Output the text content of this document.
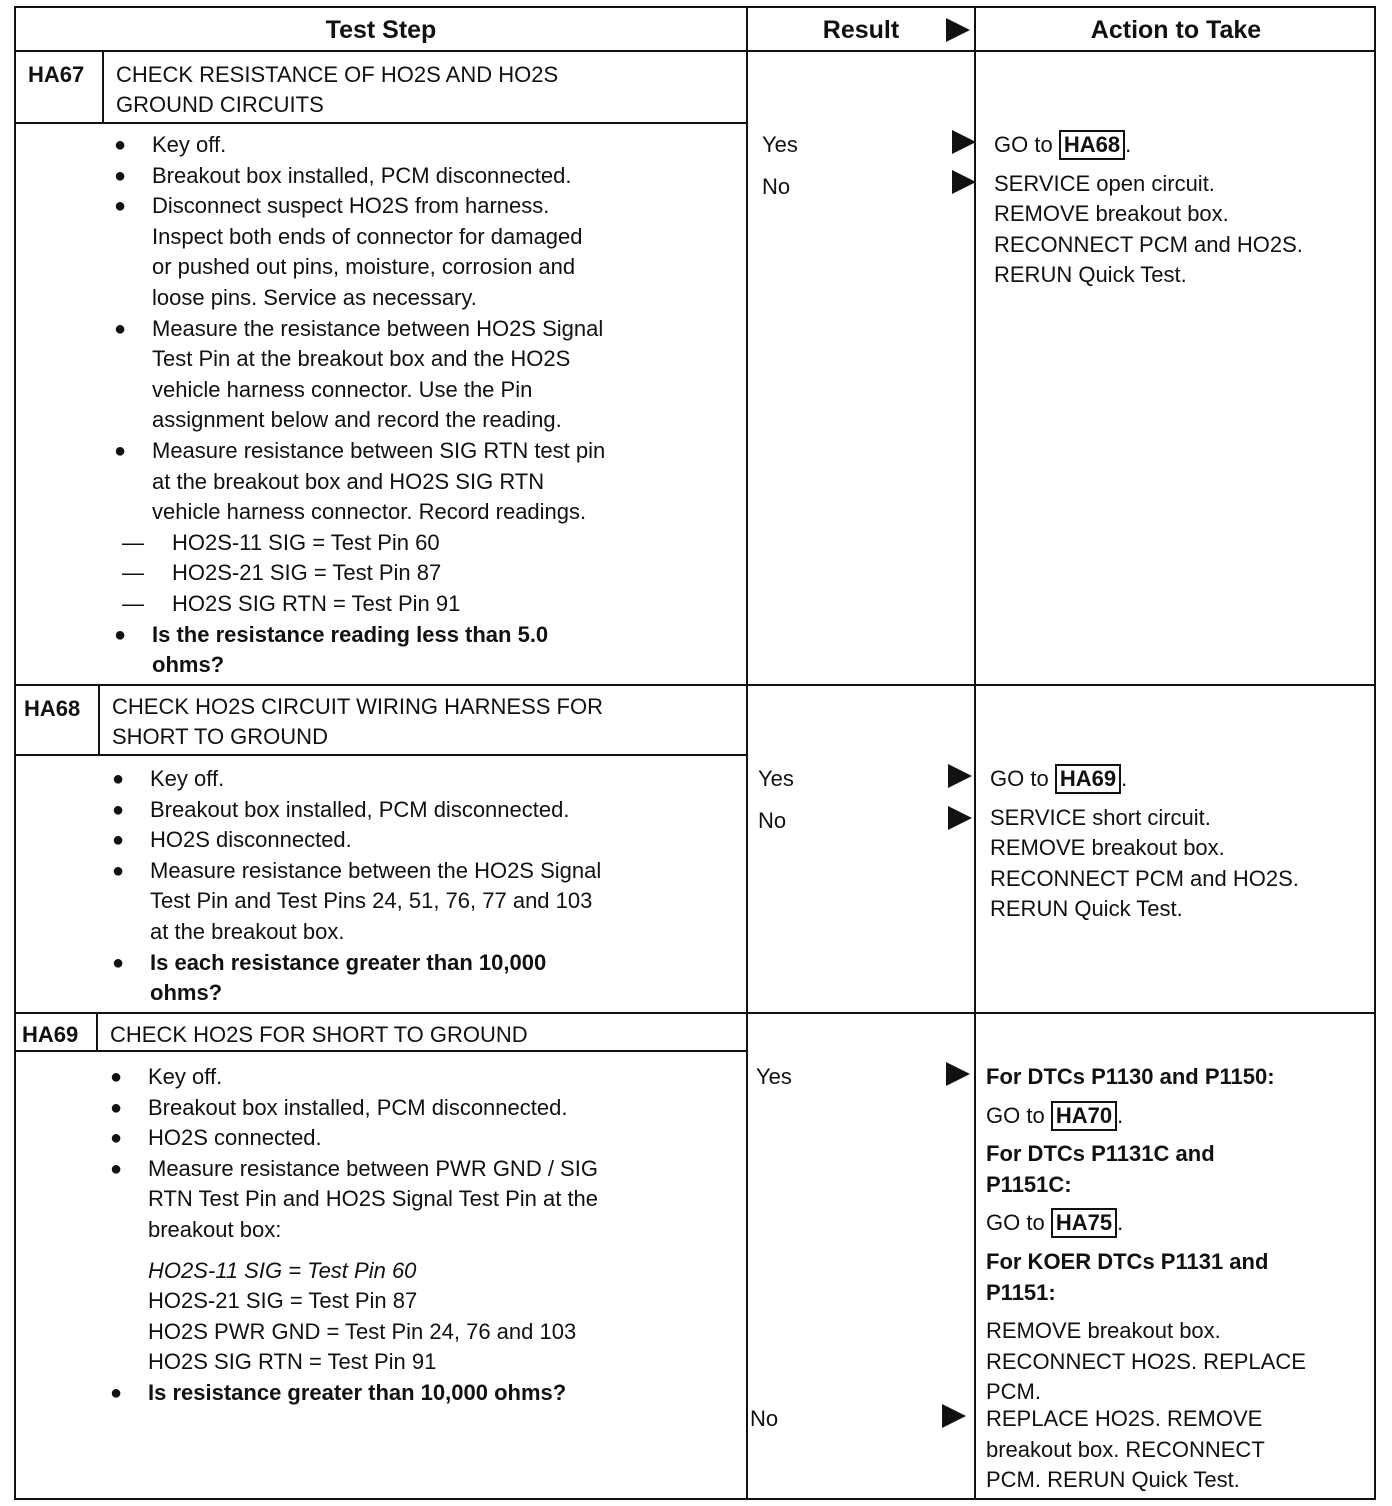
Test Step	Result	Action to Take
HA67 CHECK RESISTANCE OF HO2S AND HO2S
GROUND CIRCUITS
● Key off.
● Breakout box installed, PCM disconnected.
● Disconnect suspect HO2S from harness.
Inspect both ends of connector for damaged
or pushed out pins, moisture, corrosion and
loose pins. Service as necessary.
● Measure the resistance between HO2S Signal
Test Pin at the breakout box and the HO2S
vehicle harness connector. Use the Pin
assignment below and record the reading.
● Measure resistance between SIG RTN test pin
at the breakout box and HO2S SIG RTN
vehicle harness connector. Record readings.
— HO2S-11 SIG = Test Pin 60
— HO2S-21 SIG = Test Pin 87
— HO2S SIG RTN = Test Pin 91
● Is the resistance reading less than 5.0
ohms?
Yes
No

GO to HA68 .

SERVICE open circuit.

REMOVE breakout box.

RECONNECT PCM and HO2S.

RERUN Quick Test.

HA68 CHECK HO2S CIRCUIT WIRING HARNESS FOR
SHORT TO GROUND
● Key off.
● Breakout box installed, PCM disconnected.
● HO2S disconnected.
● Measure resistance between the HO2S Signal
Test Pin and Test Pins 24, 51, 76, 77 and 103
at the breakout box.
● Is each resistance greater than 10,000
ohms?
Yes
No

GO to HA69 .

SERVICE short circuit.

REMOVE breakout box.

RECONNECT PCM and HO2S.

RERUN Quick Test.

HA69 CHECK HO2S FOR SHORT TO GROUND
● Key off.
● Breakout box installed, PCM disconnected.
● HO2S connected.
● Measure resistance between PWR GND / SIG
RTN Test Pin and HO2S Signal Test Pin at the
breakout box:
HO2S-11 SIG = Test Pin 60
HO2S-21 SIG = Test Pin 87
HO2S PWR GND = Test Pin 24, 76 and 103
HO2S SIG RTN = Test Pin 91
● Is resistance greater than 10,000 ohms?
Yes
No

For DTCs P1130 and P1150:

GO to HA70 .

For DTCs P1131C and

P1151C:

GO to HA75 .

For KOER DTCs P1131 and

P1151:

REMOVE breakout box.

RECONNECT HO2S. REPLACE

PCM.

REPLACE HO2S. REMOVE

breakout box. RECONNECT

PCM. RERUN Quick Test.
